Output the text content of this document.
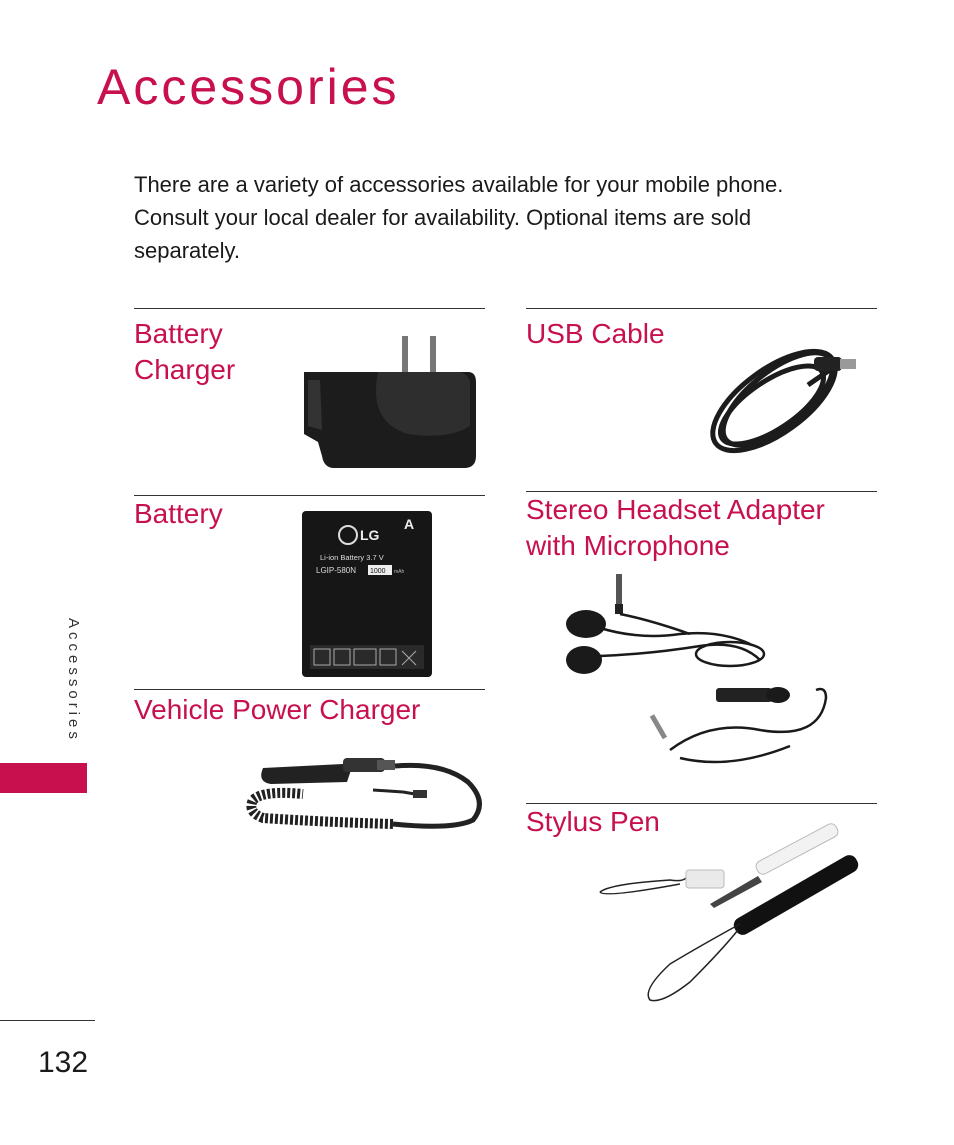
Accessories

There are a variety of accessories available for your mobile phone. Consult your local dealer for availability. Optional items are sold separately.

Battery
Charger
Battery
LG
A
Li-ion Battery 3.7 V
LGIP-580N 1000 mAh
Vehicle Power Charger
USB Cable
Stereo Headset Adapter
with Microphone
Stylus Pen
Accessories
132
